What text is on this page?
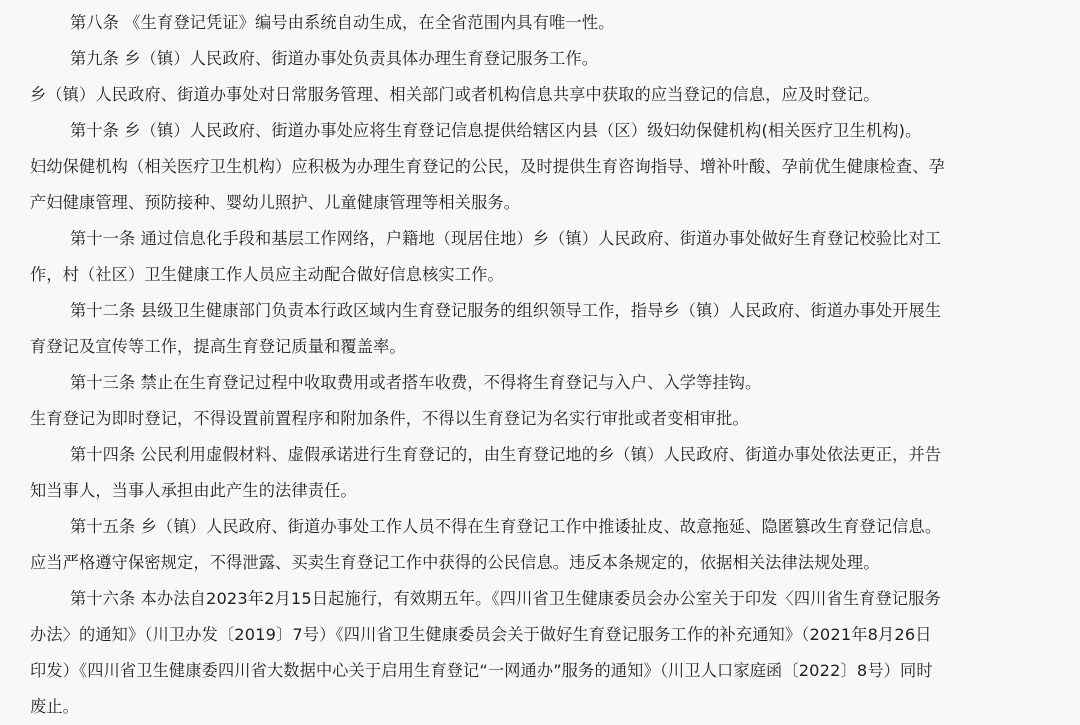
第八条 《生育登记凭证》编号由系统自动生成，在全省范围内具有唯一性。
第九条 乡（镇）人民政府、街道办事处负责具体办理生育登记服务工作。
乡（镇）人民政府、街道办事处对日常服务管理、相关部门或者机构信息共享中获取的应当登记的信息，应及时登记。
第十条 乡（镇）人民政府、街道办事处应将生育登记信息提供给辖区内县（区）级妇幼保健机构(相关医疗卫生机构)。
妇幼保健机构（相关医疗卫生机构）应积极为办理生育登记的公民，及时提供生育咨询指导、增补叶酸、孕前优生健康检查、孕
产妇健康管理、预防接种、婴幼儿照护、儿童健康管理等相关服务。
第十一条 通过信息化手段和基层工作网络，户籍地（现居住地）乡（镇）人民政府、街道办事处做好生育登记校验比对工
作，村（社区）卫生健康工作人员应主动配合做好信息核实工作。
第十二条 县级卫生健康部门负责本行政区域内生育登记服务的组织领导工作，指导乡（镇）人民政府、街道办事处开展生
育登记及宣传等工作，提高生育登记质量和覆盖率。
第十三条 禁止在生育登记过程中收取费用或者搭车收费，不得将生育登记与入户、入学等挂钩。
生育登记为即时登记，不得设置前置程序和附加条件，不得以生育登记为名实行审批或者变相审批。
第十四条 公民利用虚假材料、虚假承诺进行生育登记的，由生育登记地的乡（镇）人民政府、街道办事处依法更正，并告
知当事人，当事人承担由此产生的法律责任。
第十五条 乡（镇）人民政府、街道办事处工作人员不得在生育登记工作中推诿扯皮、故意拖延、隐匿篡改生育登记信息。
应当严格遵守保密规定，不得泄露、买卖生育登记工作中获得的公民信息。违反本条规定的，依据相关法律法规处理。
第十六条 本办法自2023年2月15日起施行，有效期五年。《四川省卫生健康委员会办公室关于印发〈四川省生育登记服务
办法〉的通知》（川卫办发〔2019〕7号）《四川省卫生健康委员会关于做好生育登记服务工作的补充通知》（2021年8月26日
印发）《四川省卫生健康委四川省大数据中心关于启用生育登记“一网通办”服务的通知》（川卫人口家庭函〔2022〕8号）同时
废止。
